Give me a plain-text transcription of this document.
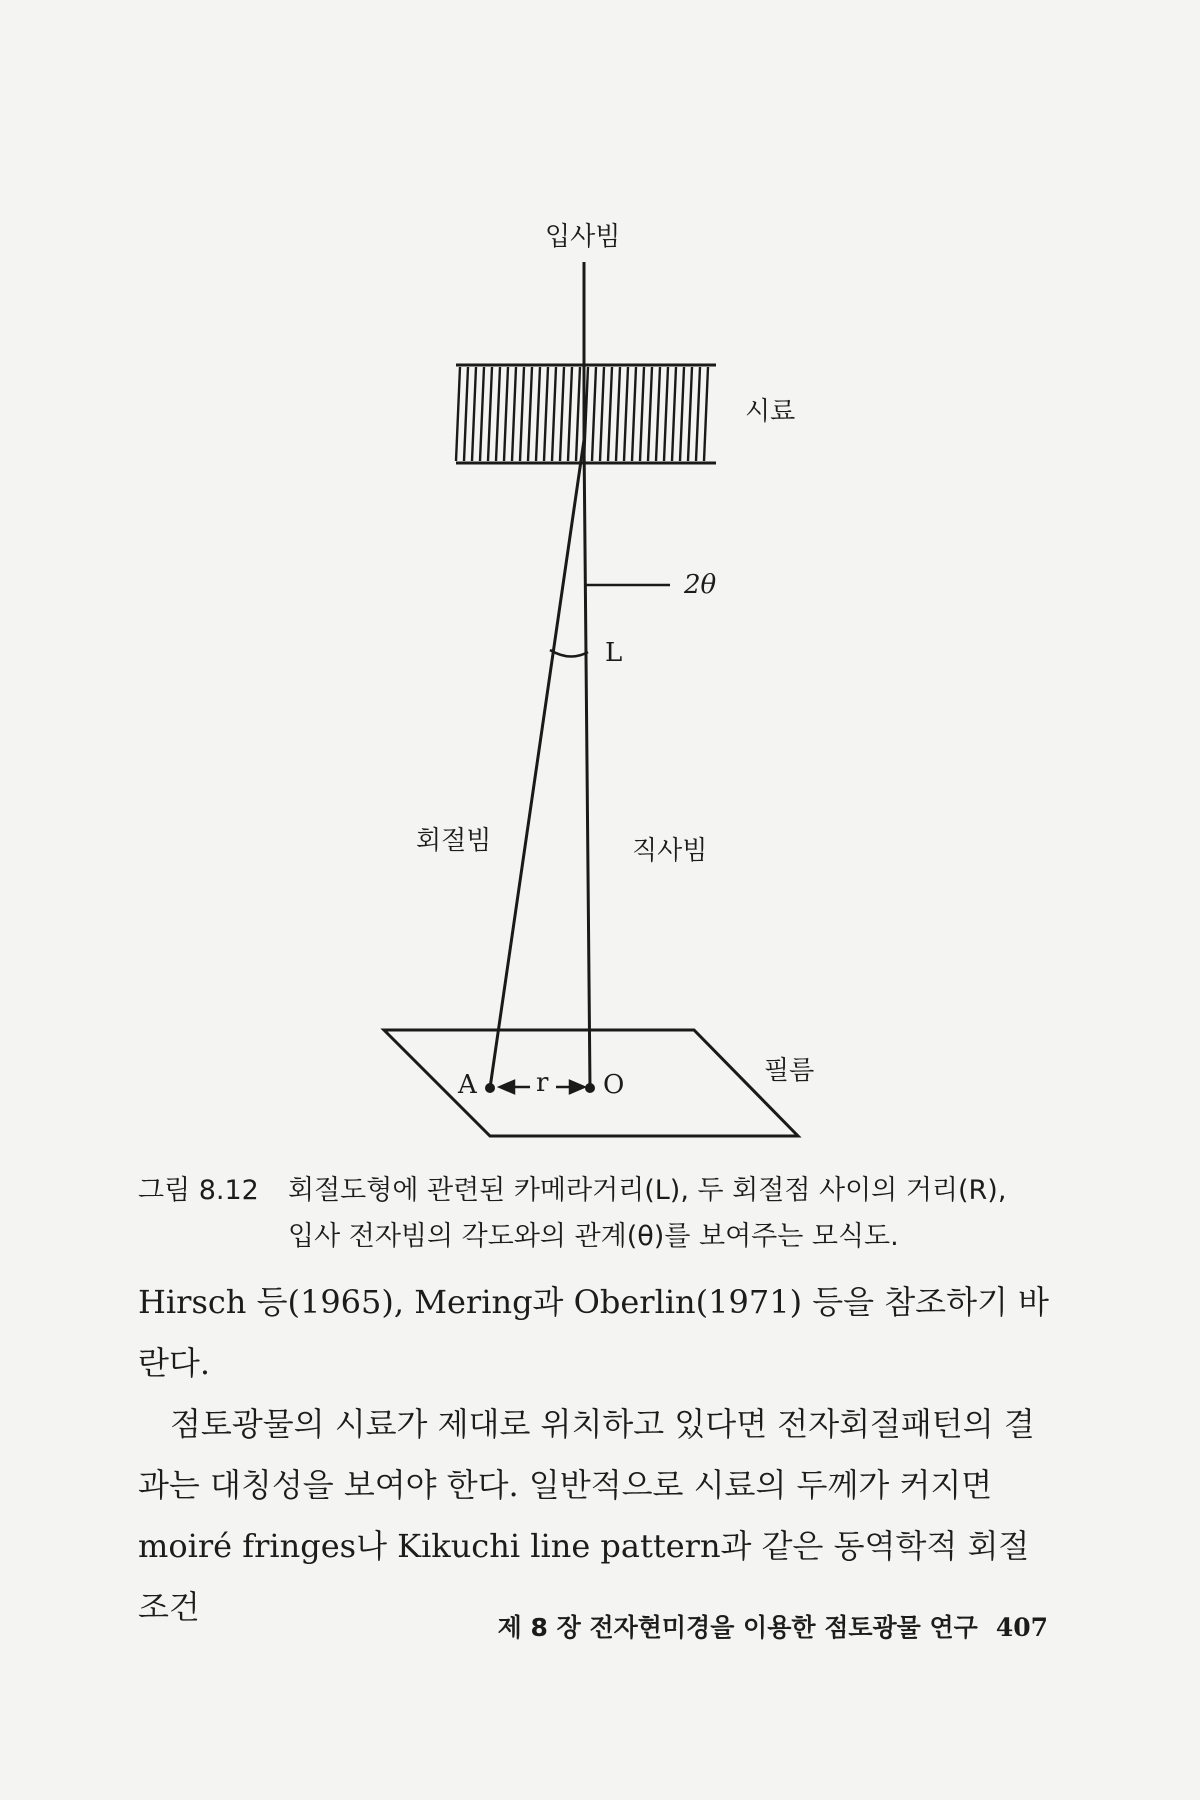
입사빔
시료
2θ
L
회절빔	직사빔
필름
A r O
그림 8.12 회절도형에 관련된 카메라거리(L), 두 회절점 사이의 거리(R),
입사 전자빔의 각도와의 관계(θ)를 보여주는 모식도.

Hirsch 등(1965), Mering과 Oberlin(1971) 등을 참조하기 바란다.

점토광물의 시료가 제대로 위치하고 있다면 전자회절패턴의 결과는 대칭성을 보여야 한다. 일반적으로 시료의 두께가 커지면 moiré fringes나 Kikuchi line pattern과 같은 동역학적 회절조건

제 8 장 전자현미경을 이용한 점토광물 연구 407
